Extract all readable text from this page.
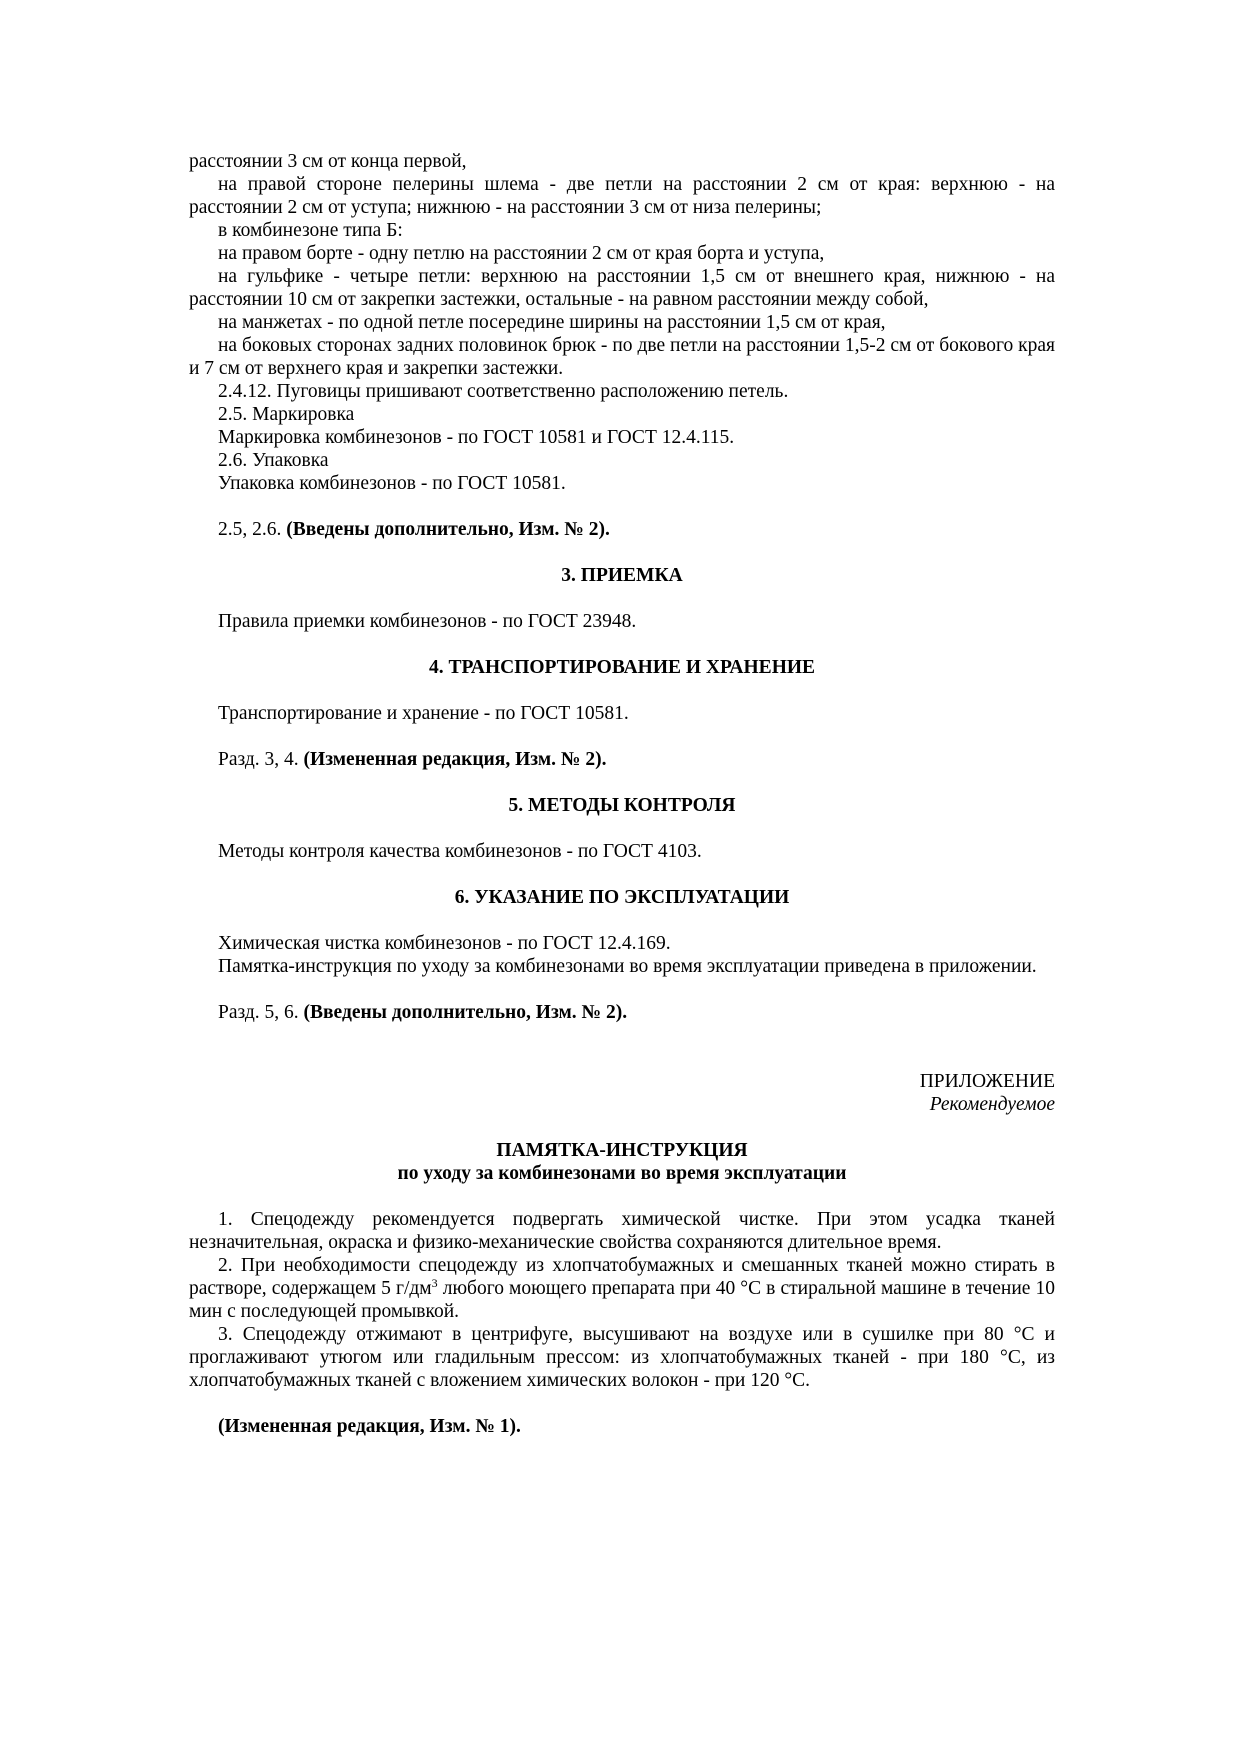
расстоянии 3 см от конца первой,

на правой стороне пелерины шлема - две петли на расстоянии 2 см от края: верхнюю - на расстоянии 2 см от уступа; нижнюю - на расстоянии 3 см от низа пелерины;

в комбинезоне типа Б:

на правом борте - одну петлю на расстоянии 2 см от края борта и уступа,

на гульфике - четыре петли: верхнюю на расстоянии 1,5 см от внешнего края, нижнюю - на расстоянии 10 см от закрепки застежки, остальные - на равном расстоянии между собой,

на манжетах - по одной петле посередине ширины на расстоянии 1,5 см от края,

на боковых сторонах задних половинок брюк - по две петли на расстоянии 1,5-2 см от бокового края и 7 см от верхнего края и закрепки застежки.

2.4.12. Пуговицы пришивают соответственно расположению петель.

2.5. Маркировка

Маркировка комбинезонов - по ГОСТ 10581 и ГОСТ 12.4.115.

2.6. Упаковка

Упаковка комбинезонов - по ГОСТ 10581.

2.5, 2.6. (Введены дополнительно, Изм. № 2).

3. ПРИЕМКА

Правила приемки комбинезонов - по ГОСТ 23948.

4. ТРАНСПОРТИРОВАНИЕ И ХРАНЕНИЕ

Транспортирование и хранение - по ГОСТ 10581.

Разд. 3, 4. (Измененная редакция, Изм. № 2).

5. МЕТОДЫ КОНТРОЛЯ

Методы контроля качества комбинезонов - по ГОСТ 4103.

6. УКАЗАНИЕ ПО ЭКСПЛУАТАЦИИ

Химическая чистка комбинезонов - по ГОСТ 12.4.169.

Памятка-инструкция по уходу за комбинезонами во время эксплуатации приведена в приложении.

Разд. 5, 6. (Введены дополнительно, Изм. № 2).

ПРИЛОЖЕНИЕ

Рекомендуемое

ПАМЯТКА-ИНСТРУКЦИЯ

по уходу за комбинезонами во время эксплуатации

1. Спецодежду рекомендуется подвергать химической чистке. При этом усадка тканей незначительная, окраска и физико-механические свойства сохраняются длительное время.

2. При необходимости спецодежду из хлопчатобумажных и смешанных тканей можно стирать в растворе, содержащем 5 $г/дм^3$ любого моющего препарата при 40 °С в стиральной машине в течение 10 мин с последующей промывкой.

3. Спецодежду отжимают в центрифуге, высушивают на воздухе или в сушилке при 80 °С и проглаживают утюгом или гладильным прессом: из хлопчатобумажных тканей - при 180 °С, из хлопчатобумажных тканей с вложением химических волокон - при 120 °С.

(Измененная редакция, Изм. № 1).
